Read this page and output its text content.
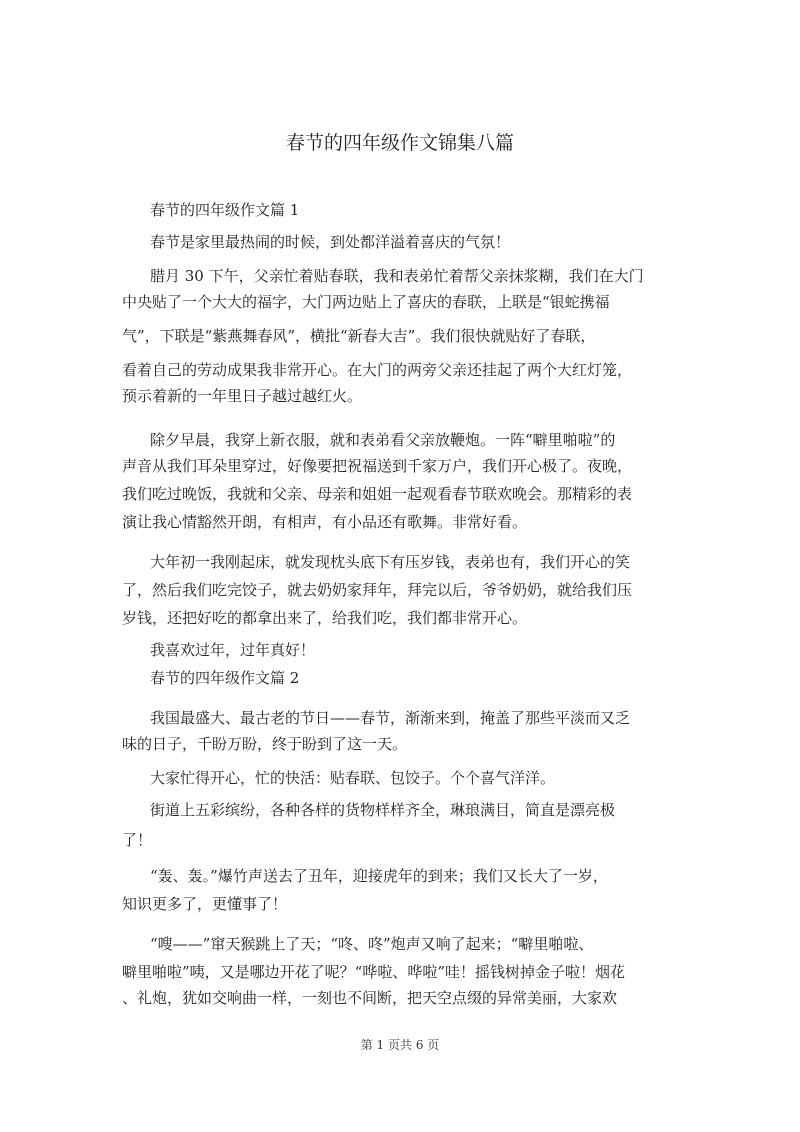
春节的四年级作文锦集八篇
春节的四年级作文篇 1
春节是家里最热闹的时候，到处都洋溢着喜庆的气氛！
腊月 30 下午，父亲忙着贴春联，我和表弟忙着帮父亲抹浆糊，我们在大门
中央贴了一个大大的福字，大门两边贴上了喜庆的春联，上联是“银蛇携福
气”，下联是“紫燕舞春风”，横批“新春大吉”。我们很快就贴好了春联，
看着自己的劳动成果我非常开心。在大门的两旁父亲还挂起了两个大红灯笼，
预示着新的一年里日子越过越红火。
除夕早晨，我穿上新衣服，就和表弟看父亲放鞭炮。一阵“噼里啪啦”的
声音从我们耳朵里穿过，好像要把祝福送到千家万户，我们开心极了。夜晚，
我们吃过晚饭，我就和父亲、母亲和姐姐一起观看春节联欢晚会。那精彩的表
演让我心情豁然开朗，有相声，有小品还有歌舞。非常好看。
大年初一我刚起床，就发现枕头底下有压岁钱，表弟也有，我们开心的笑
了，然后我们吃完饺子，就去奶奶家拜年，拜完以后，爷爷奶奶，就给我们压
岁钱，还把好吃的都拿出来了，给我们吃，我们都非常开心。
我喜欢过年，过年真好！
春节的四年级作文篇 2
我国最盛大、最古老的节日——春节，渐渐来到，掩盖了那些平淡而又乏
味的日子，千盼万盼，终于盼到了这一天。
大家忙得开心，忙的快活：贴春联、包饺子。个个喜气洋洋。
街道上五彩缤纷，各种各样的货物样样齐全，琳琅满目，简直是漂亮极
了！
“轰、轰。”爆竹声送去了丑年，迎接虎年的到来；我们又长大了一岁，
知识更多了，更懂事了！
“嗖——”窜天猴跳上了天；“咚、咚”炮声又响了起来；“噼里啪啦、
噼里啪啦”咦，又是哪边开花了呢？“哗啦、哗啦”哇！摇钱树掉金子啦！烟花
、礼炮，犹如交响曲一样，一刻也不间断，把天空点缀的异常美丽，大家欢
第 1 页共 6 页
